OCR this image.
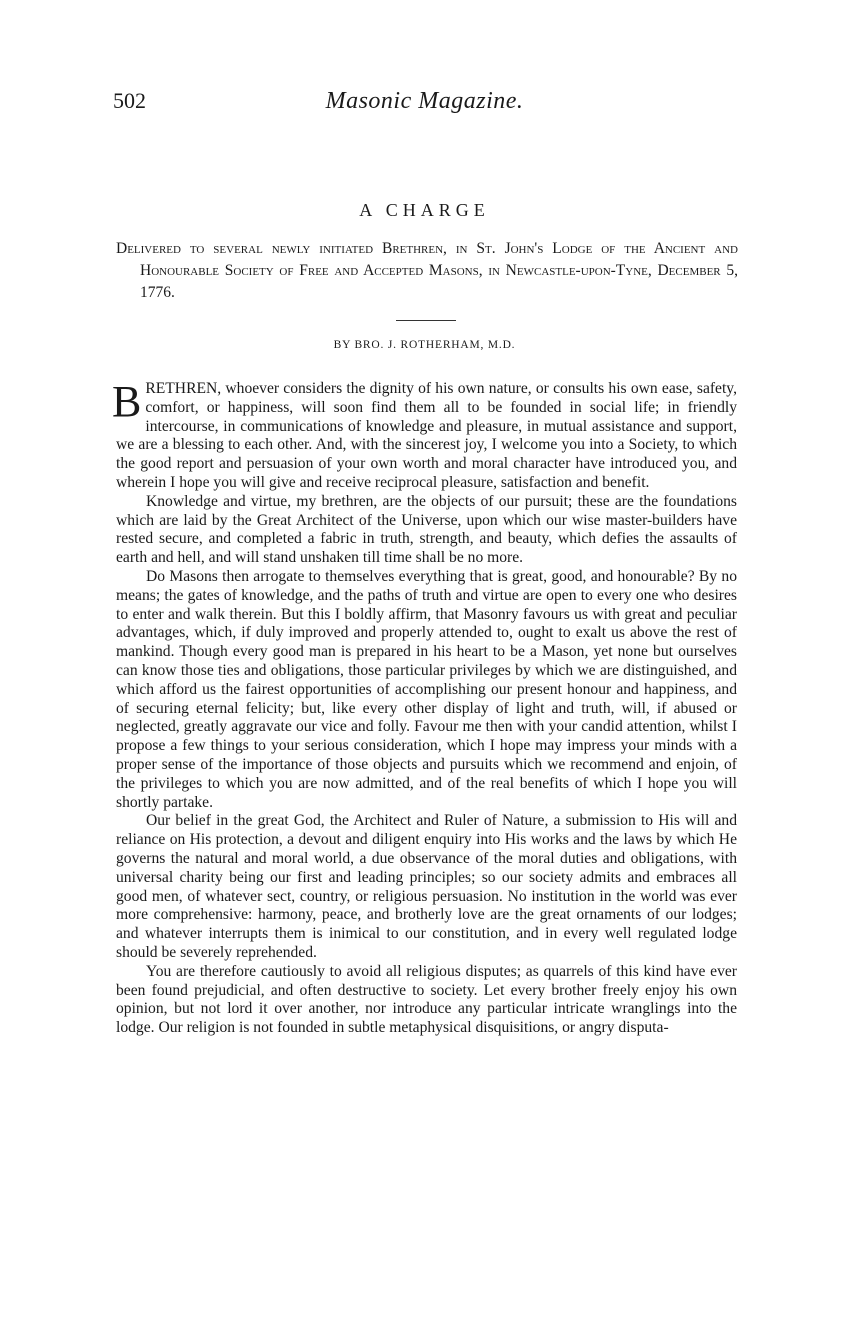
502	Masonic Magazine.
A CHARGE

Delivered to several newly initiated Brethren, in St. John's Lodge of the Ancient and Honourable Society of Free and Accepted Masons, in Newcastle-upon-Tyne, December 5, 1776.

BY BRO. J. ROTHERHAM, M.D.

BRETHREN, whoever considers the dignity of his own nature, or consults his own ease, safety, comfort, or happiness, will soon find them all to be founded in social life; in friendly intercourse, in communications of knowledge and pleasure, in mutual assistance and support, we are a blessing to each other. And, with the sincerest joy, I welcome you into a Society, to which the good report and persuasion of your own worth and moral character have introduced you, and wherein I hope you will give and receive reciprocal pleasure, satisfaction and benefit.

Knowledge and virtue, my brethren, are the objects of our pursuit; these are the foundations which are laid by the Great Architect of the Universe, upon which our wise master-builders have rested secure, and completed a fabric in truth, strength, and beauty, which defies the assaults of earth and hell, and will stand unshaken till time shall be no more.

Do Masons then arrogate to themselves everything that is great, good, and honourable? By no means; the gates of knowledge, and the paths of truth and virtue are open to every one who desires to enter and walk therein. But this I boldly affirm, that Masonry favours us with great and peculiar advantages, which, if duly improved and properly attended to, ought to exalt us above the rest of mankind. Though every good man is prepared in his heart to be a Mason, yet none but ourselves can know those ties and obligations, those particular privileges by which we are distinguished, and which afford us the fairest opportunities of accomplishing our present honour and happiness, and of securing eternal felicity; but, like every other display of light and truth, will, if abused or neglected, greatly aggravate our vice and folly. Favour me then with your candid attention, whilst I propose a few things to your serious consideration, which I hope may impress your minds with a proper sense of the importance of those objects and pursuits which we recommend and enjoin, of the privileges to which you are now admitted, and of the real benefits of which I hope you will shortly partake.

Our belief in the great God, the Architect and Ruler of Nature, a submission to His will and reliance on His protection, a devout and diligent enquiry into His works and the laws by which He governs the natural and moral world, a due observance of the moral duties and obligations, with universal charity being our first and leading principles; so our society admits and embraces all good men, of whatever sect, country, or religious persuasion. No institution in the world was ever more comprehensive: harmony, peace, and brotherly love are the great ornaments of our lodges; and whatever interrupts them is inimical to our constitution, and in every well regulated lodge should be severely reprehended.

You are therefore cautiously to avoid all religious disputes; as quarrels of this kind have ever been found prejudicial, and often destructive to society. Let every brother freely enjoy his own opinion, but not lord it over another, nor introduce any particular intricate wranglings into the lodge. Our religion is not founded in subtle metaphysical disquisitions, or angry disputa-
